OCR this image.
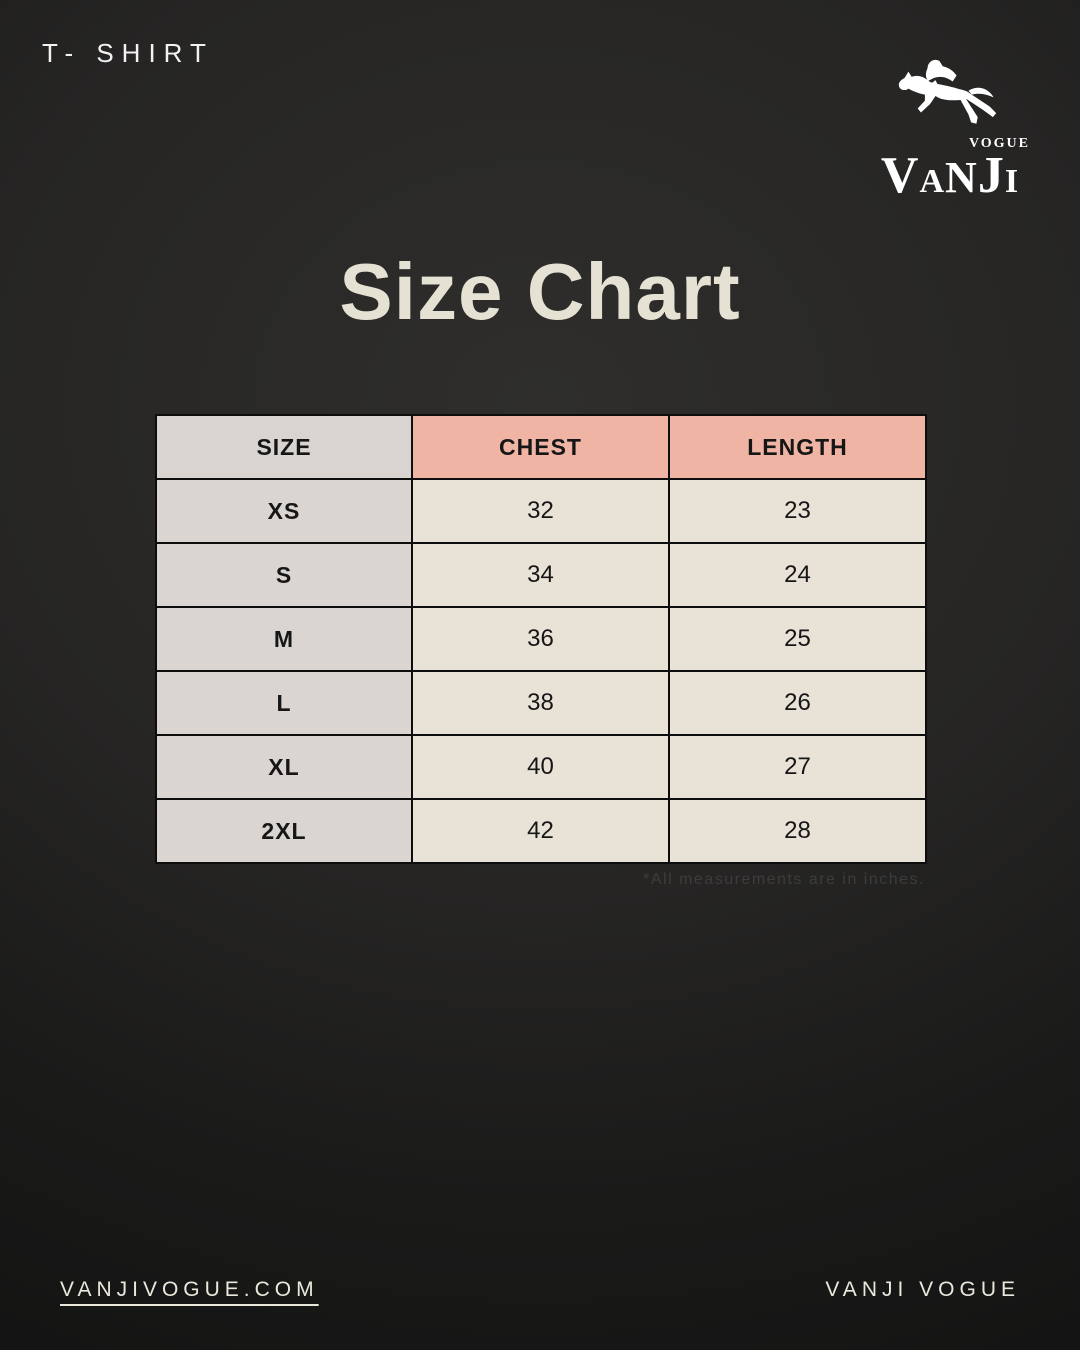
T- SHIRT
VOGUE
VANJI
Size Chart
SIZE	CHEST	LENGTH
XS	32	23
S	34	24
M	36	25
L	38	26
XL	40	27
2XL	42	28
*All measurements are in inches.
VANJIVOGUE.COM	VANJI VOGUE
